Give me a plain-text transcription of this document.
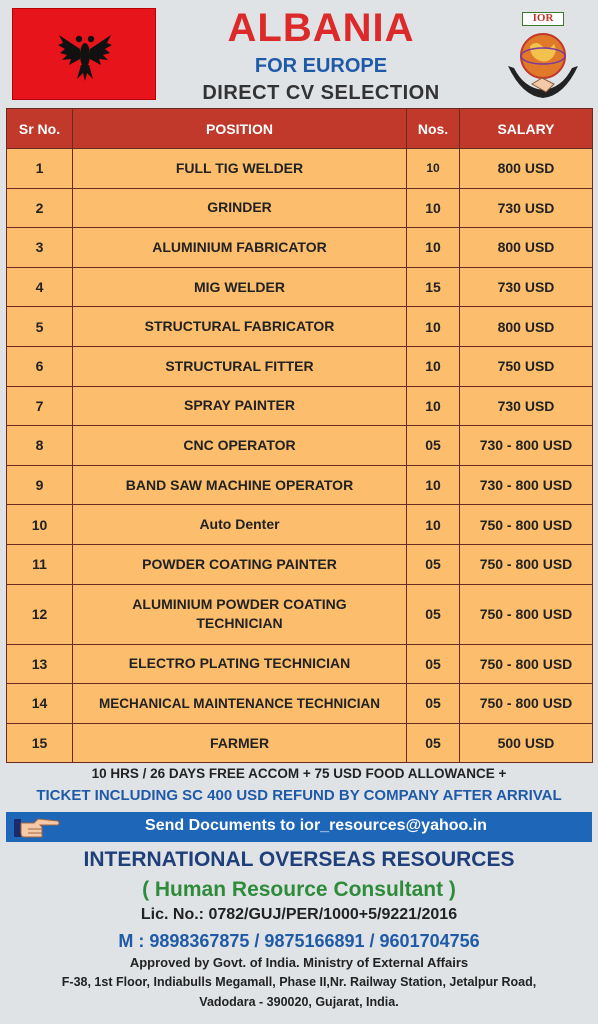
ALBANIA
FOR EUROPE
DIRECT CV SELECTION
IOR
Sr No.	POSITION	Nos.	SALARY
1	FULL TIG WELDER	10	800 USD
2	GRINDER	10	730 USD
3	ALUMINIUM FABRICATOR	10	800 USD
4	MIG WELDER	15	730 USD
5	STRUCTURAL FABRICATOR	10	800 USD
6	STRUCTURAL FITTER	10	750 USD
7	SPRAY PAINTER	10	730 USD
8	CNC OPERATOR	05	730 - 800 USD
9	BAND SAW MACHINE OPERATOR	10	730 - 800 USD
10	Auto Denter	10	750 - 800 USD
11	POWDER COATING PAINTER	05	750 - 800 USD
12	ALUMINIUM POWDER COATING TECHNICIAN	05	750 - 800 USD
13	ELECTRO PLATING TECHNICIAN	05	750 - 800 USD
14	MECHANICAL MAINTENANCE TECHNICIAN	05	750 - 800 USD
15	FARMER	05	500 USD
10 HRS / 26 DAYS FREE ACCOM + 75 USD FOOD ALLOWANCE +
TICKET INCLUDING SC 400 USD REFUND BY COMPANY AFTER ARRIVAL
Send Documents to ior_resources@yahoo.in
INTERNATIONAL OVERSEAS RESOURCES
( Human Resource Consultant )
Lic. No.: 0782/GUJ/PER/1000+5/9221/2016
M : 9898367875 / 9875166891 / 9601704756
Approved by Govt. of India. Ministry of External Affairs
F-38, 1st Floor, Indiabulls Megamall, Phase II,Nr. Railway Station, Jetalpur Road,
Vadodara - 390020, Gujarat, India.
